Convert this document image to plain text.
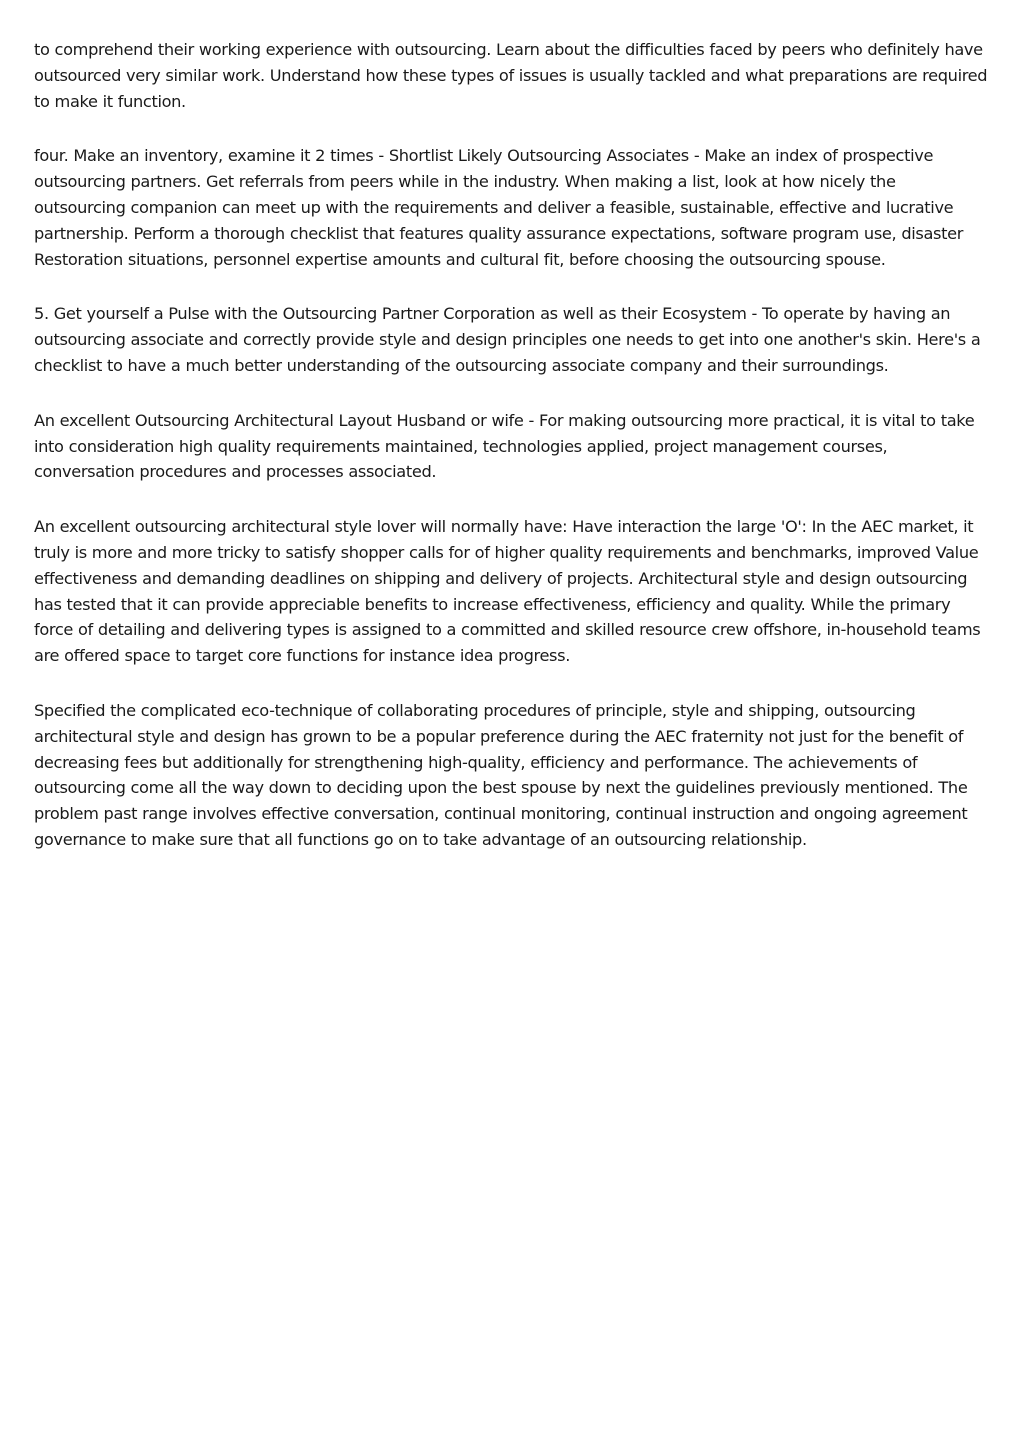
to comprehend their working experience with outsourcing. Learn about the difficulties faced by peers who definitely have outsourced very similar work. Understand how these types of issues is usually tackled and what preparations are required to make it function.

four. Make an inventory, examine it 2 times - Shortlist Likely Outsourcing Associates - Make an index of prospective outsourcing partners. Get referrals from peers while in the industry. When making a list, look at how nicely the outsourcing companion can meet up with the requirements and deliver a feasible, sustainable, effective and lucrative partnership. Perform a thorough checklist that features quality assurance expectations, software program use, disaster Restoration situations, personnel expertise amounts and cultural fit, before choosing the outsourcing spouse.

5. Get yourself a Pulse with the Outsourcing Partner Corporation as well as their Ecosystem - To operate by having an outsourcing associate and correctly provide style and design principles one needs to get into one another's skin. Here's a checklist to have a much better understanding of the outsourcing associate company and their surroundings.

An excellent Outsourcing Architectural Layout Husband or wife - For making outsourcing more practical, it is vital to take into consideration high quality requirements maintained, technologies applied, project management courses, conversation procedures and processes associated.

An excellent outsourcing architectural style lover will normally have: Have interaction the large 'O': In the AEC market, it truly is more and more tricky to satisfy shopper calls for of higher quality requirements and benchmarks, improved Value effectiveness and demanding deadlines on shipping and delivery of projects. Architectural style and design outsourcing has tested that it can provide appreciable benefits to increase effectiveness, efficiency and quality. While the primary force of detailing and delivering types is assigned to a committed and skilled resource crew offshore, in-household teams are offered space to target core functions for instance idea progress.

Specified the complicated eco-technique of collaborating procedures of principle, style and shipping, outsourcing architectural style and design has grown to be a popular preference during the AEC fraternity not just for the benefit of decreasing fees but additionally for strengthening high-quality, efficiency and performance. The achievements of outsourcing come all the way down to deciding upon the best spouse by next the guidelines previously mentioned. The problem past range involves effective conversation, continual monitoring, continual instruction and ongoing agreement governance to make sure that all functions go on to take advantage of an outsourcing relationship.
